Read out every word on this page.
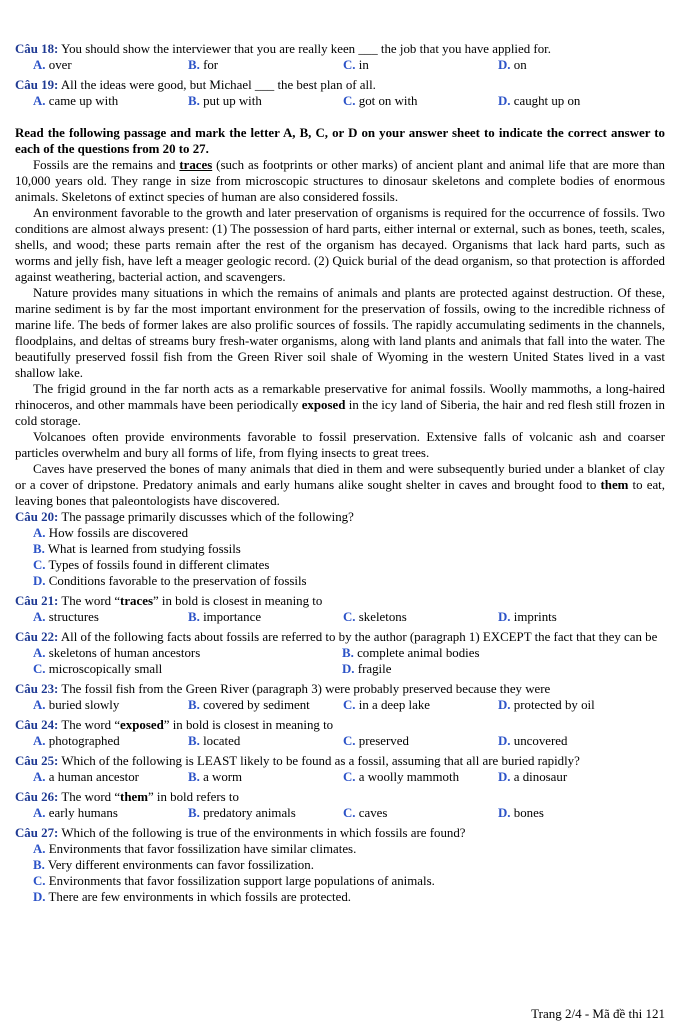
Câu 18: You should show the interviewer that you are really keen ___ the job that you have applied for.
A. over	B. for	C. in	D. on
Câu 19: All the ideas were good, but Michael ___ the best plan of all.
A. came up with	B. put up with	C. got on with	D. caught up on
Read the following passage and mark the letter A, B, C, or D on your answer sheet to indicate the correct answer to each of the questions from 20 to 27.

Fossils are the remains and traces (such as footprints or other marks) of ancient plant and animal life that are more than 10,000 years old. They range in size from microscopic structures to dinosaur skeletons and complete bodies of enormous animals. Skeletons of extinct species of human are also considered fossils.

An environment favorable to the growth and later preservation of organisms is required for the occurrence of fossils. Two conditions are almost always present: (1) The possession of hard parts, either internal or external, such as bones, teeth, scales, shells, and wood; these parts remain after the rest of the organism has decayed. Organisms that lack hard parts, such as worms and jelly fish, have left a meager geologic record. (2) Quick burial of the dead organism, so that protection is afforded against weathering, bacterial action, and scavengers.

Nature provides many situations in which the remains of animals and plants are protected against destruction. Of these, marine sediment is by far the most important environment for the preservation of fossils, owing to the incredible richness of marine life. The beds of former lakes are also prolific sources of fossils. The rapidly accumulating sediments in the channels, floodplains, and deltas of streams bury fresh-water organisms, along with land plants and animals that fall into the water. The beautifully preserved fossil fish from the Green River soil shale of Wyoming in the western United States lived in a vast shallow lake.

The frigid ground in the far north acts as a remarkable preservative for animal fossils. Woolly mammoths, a long-haired rhinoceros, and other mammals have been periodically exposed in the icy land of Siberia, the hair and red flesh still frozen in cold storage.

Volcanoes often provide environments favorable to fossil preservation. Extensive falls of volcanic ash and coarser particles overwhelm and bury all forms of life, from flying insects to great trees.

Caves have preserved the bones of many animals that died in them and were subsequently buried under a blanket of clay or a cover of dripstone. Predatory animals and early humans alike sought shelter in caves and brought food to them to eat, leaving bones that paleontologists have discovered.

Câu 20: The passage primarily discusses which of the following?
A. How fossils are discovered
B. What is learned from studying fossils
C. Types of fossils found in different climates
D. Conditions favorable to the preservation of fossils
Câu 21: The word “traces” in bold is closest in meaning to
A. structures	B. importance	C. skeletons	D. imprints
Câu 22: All of the following facts about fossils are referred to by the author (paragraph 1) EXCEPT the fact that they can be
A. skeletons of human ancestors	B. complete animal bodies
C. microscopically small	D. fragile
Câu 23: The fossil fish from the Green River (paragraph 3) were probably preserved because they were
A. buried slowly	B. covered by sediment	C. in a deep lake	D. protected by oil
Câu 24: The word “exposed” in bold is closest in meaning to
A. photographed	B. located	C. preserved	D. uncovered
Câu 25: Which of the following is LEAST likely to be found as a fossil, assuming that all are buried rapidly?
A. a human ancestor	B. a worm	C. a woolly mammoth	D. a dinosaur
Câu 26: The word “them” in bold refers to
A. early humans	B. predatory animals	C. caves	D. bones
Câu 27: Which of the following is true of the environments in which fossils are found?
A. Environments that favor fossilization have similar climates.
B. Very different environments can favor fossilization.
C. Environments that favor fossilization support large populations of animals.
D. There are few environments in which fossils are protected.
Trang 2/4 - Mã đề thi 121
